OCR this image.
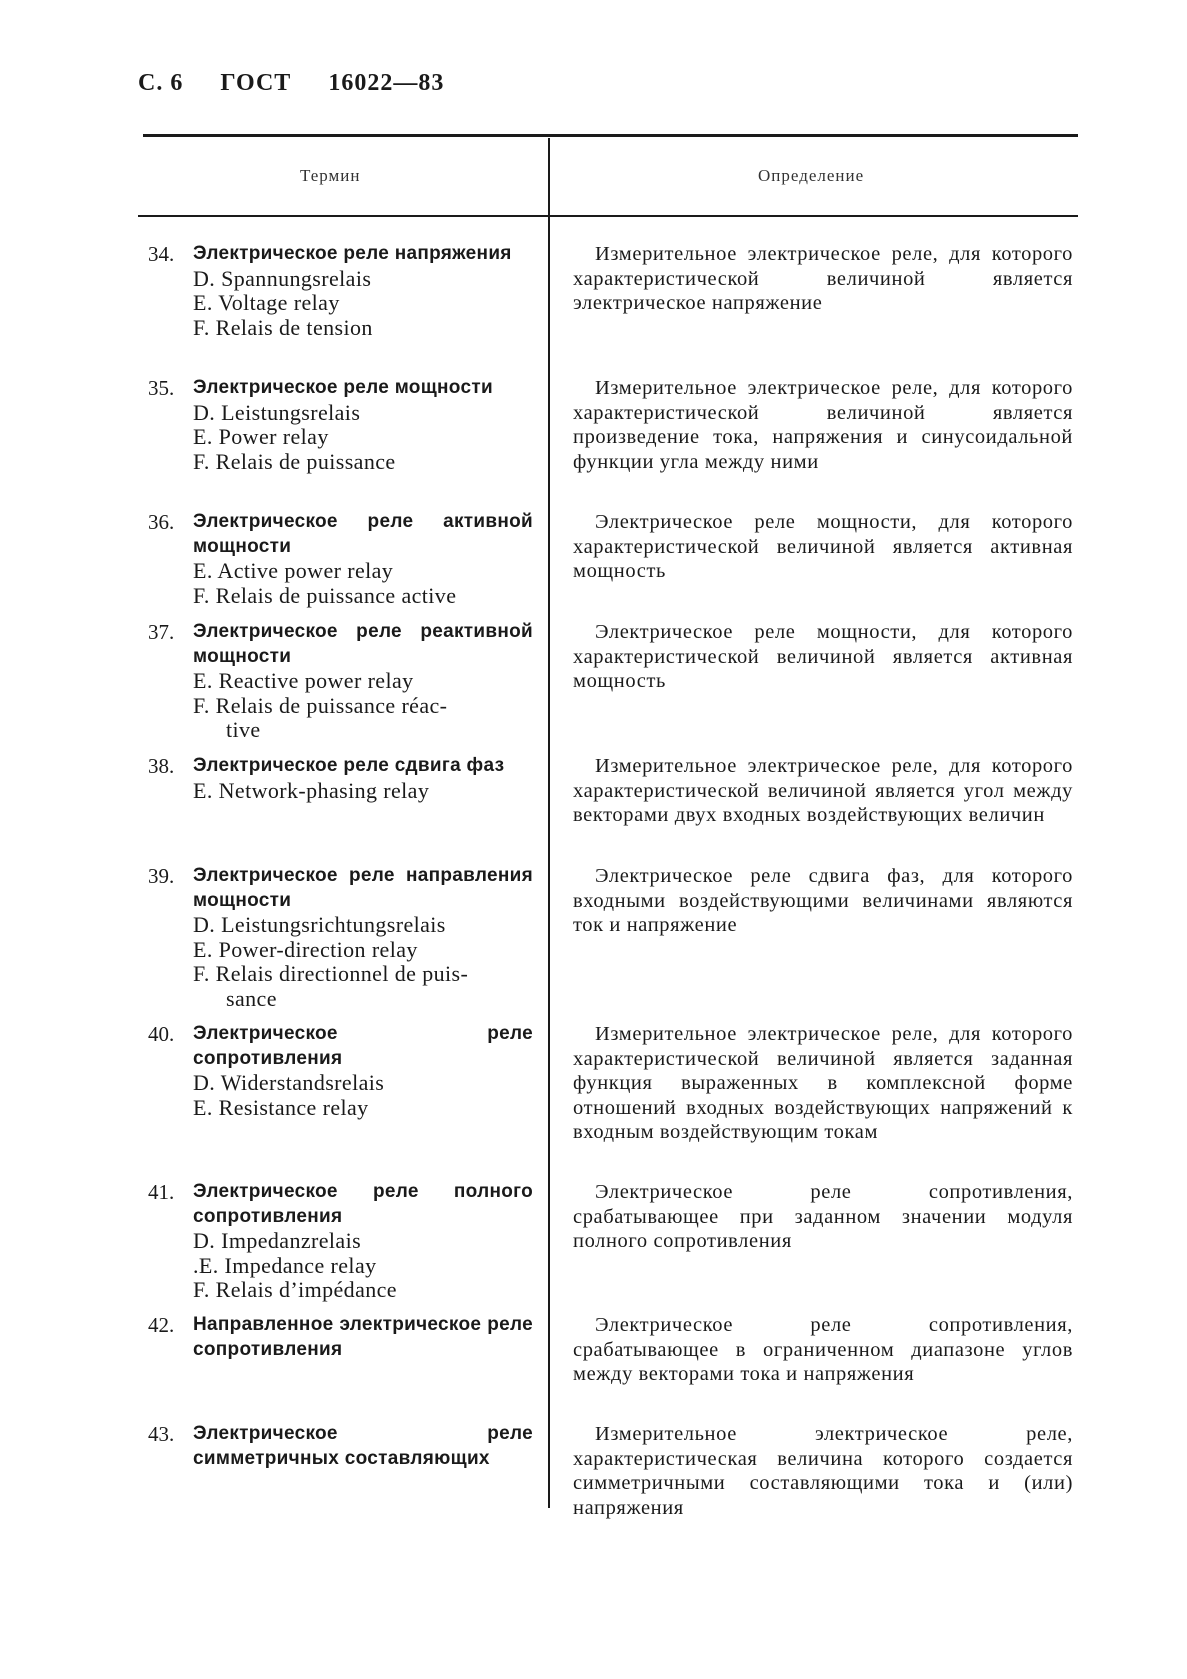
С. 6 ГОСТ 16022—83
Термин	Определение
34. Электрическое реле напряжения
D. Spannungsrelais
E. Voltage relay
F. Relais de tension
Измерительное электрическое реле, для которого характеристической величиной является электрическое напряжение
35. Электрическое реле мощности
D. Leistungsrelais
E. Power relay
F. Relais de puissance
Измерительное электрическое реле, для которого характеристической величиной является произведение тока, напряжения и синусоидальной функции угла между ними
36. Электрическое реле активной мощности
E. Active power relay
F. Relais de puissance active
Электрическое реле мощности, для которого характеристической величиной является активная мощность
37. Электрическое реле реактивной мощности
E. Reactive power relay
F. Relais de puissance réac-
tive
Электрическое реле мощности, для которого характеристической величиной является активная мощность
38. Электрическое реле сдвига фаз
E. Network-phasing relay
Измерительное электрическое реле, для которого характеристической величиной является угол между векторами двух входных воздействующих величин
39. Электрическое реле направления мощности
D. Leistungsrichtungsrelais
E. Power-direction relay
F. Relais directionnel de puis-
sance
Электрическое реле сдвига фаз, для которого входными воздействующими величинами являются ток и напряжение
40. Электрическое реле сопротивления
D. Widerstandsrelais
E. Resistance relay
Измерительное электрическое реле, для которого характеристической величиной является заданная функция выраженных в комплексной форме отношений входных воздействующих напряжений к входным воздействующим токам
41. Электрическое реле полного сопротивления
D. Impedanzrelais
.E. Impedance relay
F. Relais d’impédance
Электрическое реле сопротивления, срабатывающее при заданном значении модуля полного сопротивления
42. Направленное электрическое реле сопротивления
Электрическое реле сопротивления, срабатывающее в ограниченном диапазоне углов между векторами тока и напряжения
43. Электрическое реле симметричных составляющих
Измерительное электрическое реле, характеристическая величина которого создается симметричными составляющими тока и (или) напряжения
